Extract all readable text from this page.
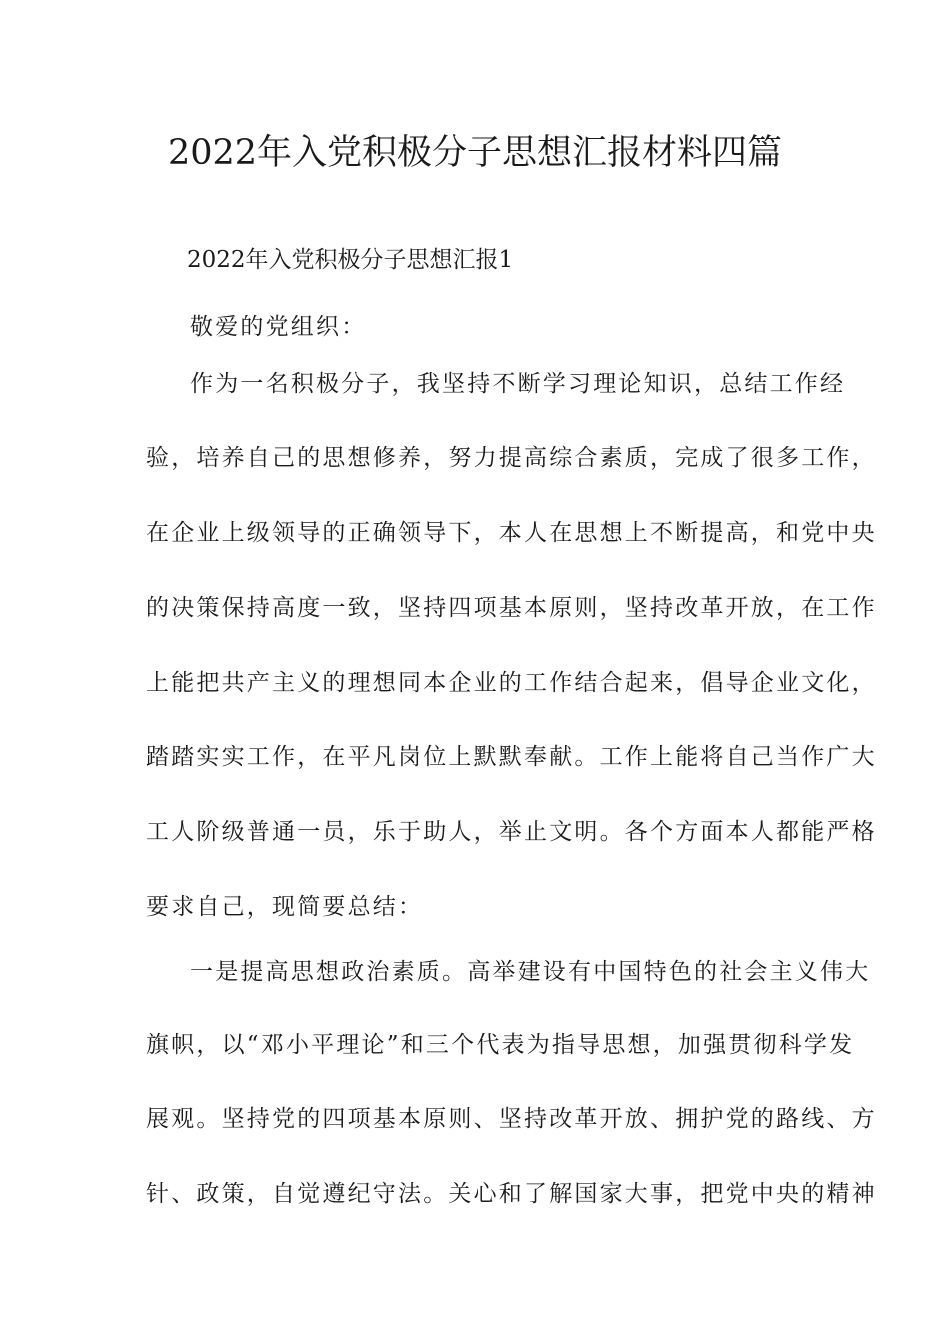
2022年入党积极分子思想汇报材料四篇

2022年入党积极分子思想汇报1

敬爱的党组织：

作为一名积极分子，我坚持不断学习理论知识，总结工作经

验，培养自己的思想修养，努力提高综合素质，完成了很多工作，

在企业上级领导的正确领导下，本人在思想上不断提高，和党中央

的决策保持高度一致，坚持四项基本原则，坚持改革开放，在工作

上能把共产主义的理想同本企业的工作结合起来，倡导企业文化，

踏踏实实工作，在平凡岗位上默默奉献。工作上能将自己当作广大

工人阶级普通一员，乐于助人，举止文明。各个方面本人都能严格

要求自己，现简要总结：

一是提高思想政治素质。高举建设有中国特色的社会主义伟大

旗帜，以“邓小平理论”和三个代表为指导思想，加强贯彻科学发

展观。坚持党的四项基本原则、坚持改革开放、拥护党的路线、方

针、政策，自觉遵纪守法。关心和了解国家大事，把党中央的精神
